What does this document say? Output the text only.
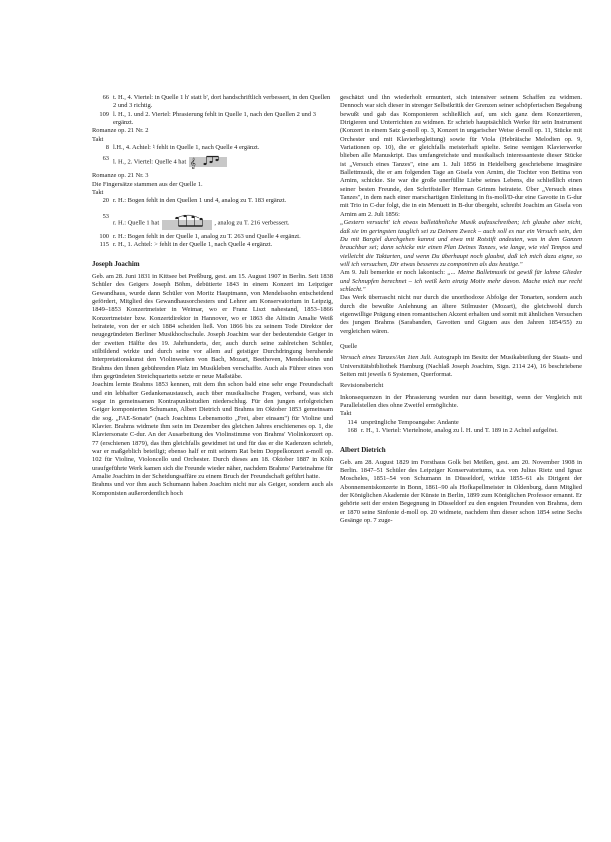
66 t. H., 4. Viertel: in Quelle 1 h' statt b', dort handschriftlich verbessert, in den Quellen 2 und 3 richtig.
109 l. H., 1. und 2. Viertel: Phrasierung fehlt in Quelle 1, nach den Quellen 2 und 3 ergänzt.
Romanze op. 21 Nr. 2
Takt
8 l.H., 4. Achtel: ♮ fehlt in Quelle 1, nach Quelle 4 ergänzt.
63 l. H., 2. Viertel: Quelle 4 hat 𝄞
Romanze op. 21 Nr. 3
Die Fingersätze stammen aus der Quelle 1.
Takt
20 r. H.: Bogen fehlt in den Quellen 1 und 4, analog zu T. 183 ergänzt.
53
r. H.: Quelle 1 hat	, analog zu T. 216 verbessert.
100 r. H.: Bogen fehlt in der Quelle 1, analog zu T. 263 und Quelle 4 ergänzt.
115 r. H., 1. Achtel: > fehlt in der Quelle 1, nach Quelle 4 ergänzt.
Joseph Joachim
Geb. am 28. Juni 1831 in Kittsee bei Preßburg, gest. am 15. August 1907 in Berlin. Seit 1838 Schüler des Geigers Joseph Böhm, debütierte 1843 in einem Konzert im Leipziger Gewandhaus, wurde dann Schüler von Moritz Hauptmann, von Mendelssohn entscheidend gefördert, Mitglied des Gewandhausorchesters und Lehrer am Konservatorium in Leipzig, 1849–1853 Konzertmeister in Weimar, wo er Franz Liszt nahestand, 1853–1866 Konzertmeister bzw. Konzertdirektor in Hannover, wo er 1863 die Altistin Amalie Weiß heiratete, von der er sich 1884 scheiden ließ. Von 1866 bis zu seinem Tode Direktor der neugegründeten Berliner Musikhochschule. Joseph Joachim war der bedeutendste Geiger in der zweiten Hälfte des 19. Jahrhunderts, der, auch durch seine zahlreichen Schüler, stilbildend wirkte und durch seine vor allem auf geistiger Durchdringung beruhende Interpretationskunst den Violinwerken von Bach, Mozart, Beethoven, Mendelssohn und Brahms den ihnen gebührenden Platz im Musikleben verschaffte. Auch als Führer eines von ihm gegründeten Streichquartetts setzte er neue Maßstäbe.
Joachim lernte Brahms 1853 kennen, mit dem ihn schon bald eine sehr enge Freundschaft und ein lebhafter Gedankenaustausch, auch über musikalische Fragen, verband, was sich sogar in gemeinsamen Kontrapunktstudien niederschlug. Für den jungen erfolgreichen Geiger komponierten Schumann, Albert Dietrich und Brahms im Oktober 1853 gemeinsam die sog. „FAE-Sonate" (nach Joachims Lebensmotto „Frei, aber einsam") für Violine und Klavier. Brahms widmete ihm sein im Dezember des gleichen Jahres erschienenes op. 1, die Klaviersonate C-dur. An der Ausarbeitung des Violinstimme von Brahms' Violinkonzert op. 77 (erschienen 1879), das ihm gleichfalls gewidmet ist und für das er die Kadenzen schrieb, war er maßgeblich beteiligt; ebenso half er mit seinem Rat beim Doppelkonzert a-moll op. 102 für Violine, Violoncello und Orchester. Durch dieses am 18. Oktober 1887 in Köln uraufgeführte Werk kamen sich die Freunde wieder näher, nachdem Brahms' Parteinahme für Amalie Joachim in der Scheidungsaffäre zu einem Bruch der Freundschaft geführt hatte.
Brahms und vor ihm auch Schumann haben Joachim nicht nur als Geiger, sondern auch als Komponisten außerordentlich hoch
geschätzt und ihn wiederholt ermuntert, sich intensiver seinem Schaffen zu widmen. Dennoch war sich dieser in strenger Selbstkritik der Grenzen seiner schöpferischen Begabung bewußt und gab das Komponieren schließlich auf, um sich ganz dem Konzertieren, Dirigieren und Unterrichten zu widmen. Er schrieb hauptsächlich Werke für sein Instrument (Konzert in einem Satz g-moll op. 3, Konzert in ungarischer Weise d-moll op. 11, Stücke mit Orchester und mit Klavierbegleitung) sowie für Viola (Hebräische Melodien op. 9, Variationen op. 10), die er gleichfalls meisterhaft spielte. Seine wenigen Klavierwerke blieben alle Manuskript. Das umfangreichste und musikalisch interessanteste dieser Stücke ist „Versuch eines Tanzes", eine am 1. Juli 1856 in Heidelberg geschriebene imaginäre Ballettmusik, die er am folgenden Tage an Gisela von Arnim, die Tochter von Bettina von Arnim, schickte. Sie war die große unerfüllte Liebe seines Lebens, die schließlich einen seiner besten Freunde, den Schriftsteller Herman Grimm heiratete. Über „Versuch eines Tanzes", in dem nach einer marschartigen Einleitung in fis-moll/D-dur eine Gavotte in G-dur mit Trio in C-dur folgt, die in ein Menuett in B-dur übergeht, schreibt Joachim an Gisela von Arnim am 2. Juli 1856:
„Gestern versucht' ich etwas balletähnliche Musik aufzuschreiben; ich glaube aber nicht, daß sie im geringsten tauglich sei zu Deinem Zweck – auch soll es nur ein Versuch sein, den Du mit Bargiel durchgehen kannst und etwa mit Rotstift andeuten, was in dem Ganzen brauchbar sei; dann schicke mir einen Plan Deines Tanzes, wie lange, wie viel Tempos und vielleicht die Taktarten, und wenn Du überhaupt noch glaubst, daß ich mich dazu eigne, so will ich versuchen, Dir etwas besseres zu componiren als das heutige."
Am 9. Juli bemerkte er noch lakonisch: „... Meine Balletmusik ist gewiß für lahme Glieder und Schnupfen berechnet – ich weiß kein einzig Motiv mehr davon. Mache mich nur recht schlecht."
Das Werk überrascht nicht nur durch die unorthodoxe Abfolge der Tonarten, sondern auch durch die bewußte Anlehnung an ältere Stilmuster (Mozart), die gleichwohl durch eigenwillige Prägung einen romantischen Akzent erhalten und somit mit ähnlichen Versuchen des jungen Brahms (Sarabanden, Gavotten und Giguen aus den Jahren 1854/55) zu vergleichen wären.
Quelle
Versuch eines Tanzes/Am 1ten Juli. Autograph im Besitz der Musikabteilung der Staats- und Universitätsbibliothek Hamburg (Nachlaß Joseph Joachim, Sign. 2114 24), 16 beschriebene Seiten mit jeweils 6 Systemen, Querformat.
Revisionsbericht
Inkonsequenzen in der Phrasierung wurden nur dann beseitigt, wenn der Vergleich mit Parallelstellen dies ohne Zweifel ermöglichte.
Takt
114 ursprüngliche Tempoangabe: Andante
168 r. H., 1. Viertel: Viertelnote, analog zu l. H. und T. 189 in 2 Achtel aufgelöst.
Albert Dietrich
Geb. am 28. August 1829 im Forsthaus Golk bei Meißen, gest. am 20. November 1908 in Berlin. 1847–51 Schüler des Leipziger Konservatoriums, u.a. von Julius Rietz und Ignaz Moscheles, 1851–54 von Schumann in Düsseldorf, wirkte 1855–61 als Dirigent der Abonnementskonzerte in Bonn, 1861–90 als Hofkapellmeister in Oldenburg, dann Mitglied der Königlichen Akademie der Künste in Berlin, 1899 zum Königlichen Professor ernannt. Er gehörte seit der ersten Begegnung in Düsseldorf zu den engsten Freunden von Brahms, dem er 1870 seine Sinfonie d-moll op. 20 widmete, nachdem ihm dieser schon 1854 seine Sechs Gesänge op. 7 zuge-
